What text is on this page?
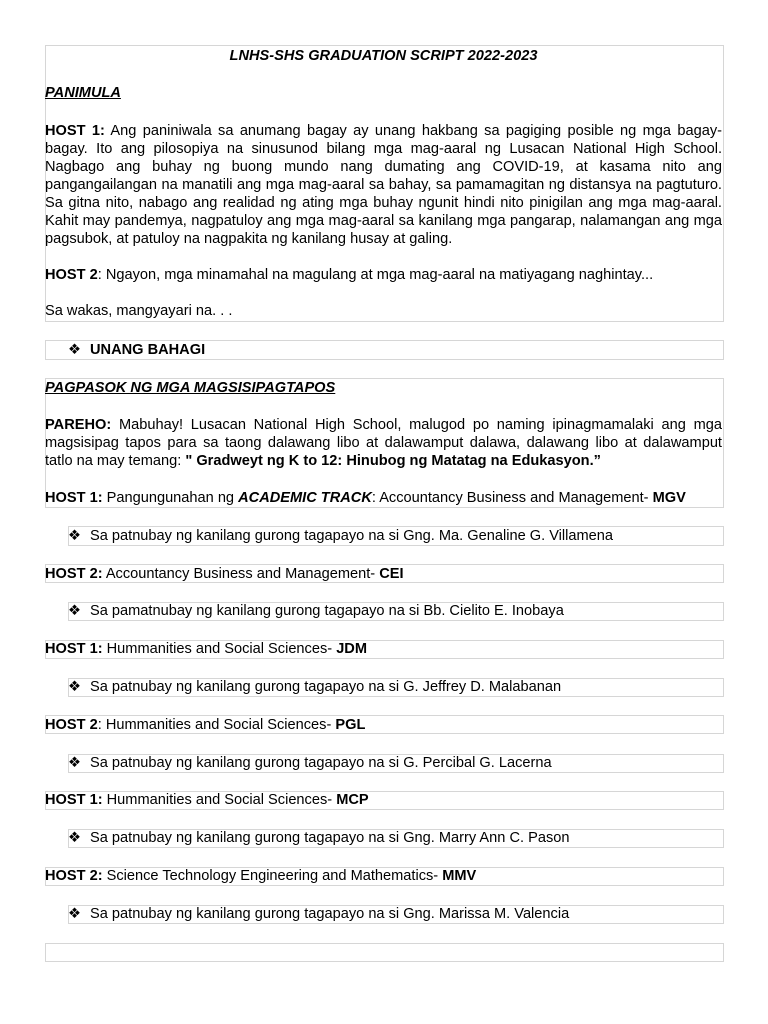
LNHS-SHS GRADUATION SCRIPT 2022-2023
PANIMULA
HOST 1: Ang paniniwala sa anumang bagay ay unang hakbang sa pagiging posible ng mga bagay-bagay. Ito ang pilosopiya na sinusunod bilang mga mag-aaral ng Lusacan National High School. Nagbago ang buhay ng buong mundo nang dumating ang COVID-19, at kasama nito ang pangangailangan na manatili ang mga mag-aaral sa bahay, sa pamamagitan ng distansya na pagtuturo. Sa gitna nito, nabago ang realidad ng ating mga buhay ngunit hindi nito pinigilan ang mga mag-aaral. Kahit may pandemya, nagpatuloy ang mga mag-aaral sa kanilang mga pangarap, nalamangan ang mga pagsubok, at patuloy na nagpakita ng kanilang husay at galing.
HOST 2: Ngayon, mga minamahal na magulang at mga mag-aaral na matiyagang naghintay...
Sa wakas, mangyayari na. . .
❖ UNANG BAHAGI
PAGPASOK NG MGA MAGSISIPAGTAPOS
PAREHO: Mabuhay! Lusacan National High School, malugod po naming ipinagmamalaki ang mga magsisipag tapos para sa taong dalawang libo at dalawamput dalawa, dalawang libo at dalawamput tatlo na may temang: " Gradweyt ng K to 12: Hinubog ng Matatag na Edukasyon.”
HOST 1: Pangungunahan ng ACADEMIC TRACK: Accountancy Business and Management- MGV
❖ Sa patnubay ng kanilang gurong tagapayo na si Gng. Ma. Genaline G. Villamena
HOST 2: Accountancy Business and Management- CEI
❖ Sa pamatnubay ng kanilang gurong tagapayo na si Bb. Cielito E. Inobaya
HOST 1: Hummanities and Social Sciences- JDM
❖ Sa patnubay ng kanilang gurong tagapayo na si G. Jeffrey D. Malabanan
HOST 2: Hummanities and Social Sciences- PGL
❖ Sa patnubay ng kanilang gurong tagapayo na si G. Percibal G. Lacerna
HOST 1: Hummanities and Social Sciences- MCP
❖ Sa patnubay ng kanilang gurong tagapayo na si Gng. Marry Ann C. Pason
HOST 2: Science Technology Engineering and Mathematics- MMV
❖ Sa patnubay ng kanilang gurong tagapayo na si Gng. Marissa M. Valencia
